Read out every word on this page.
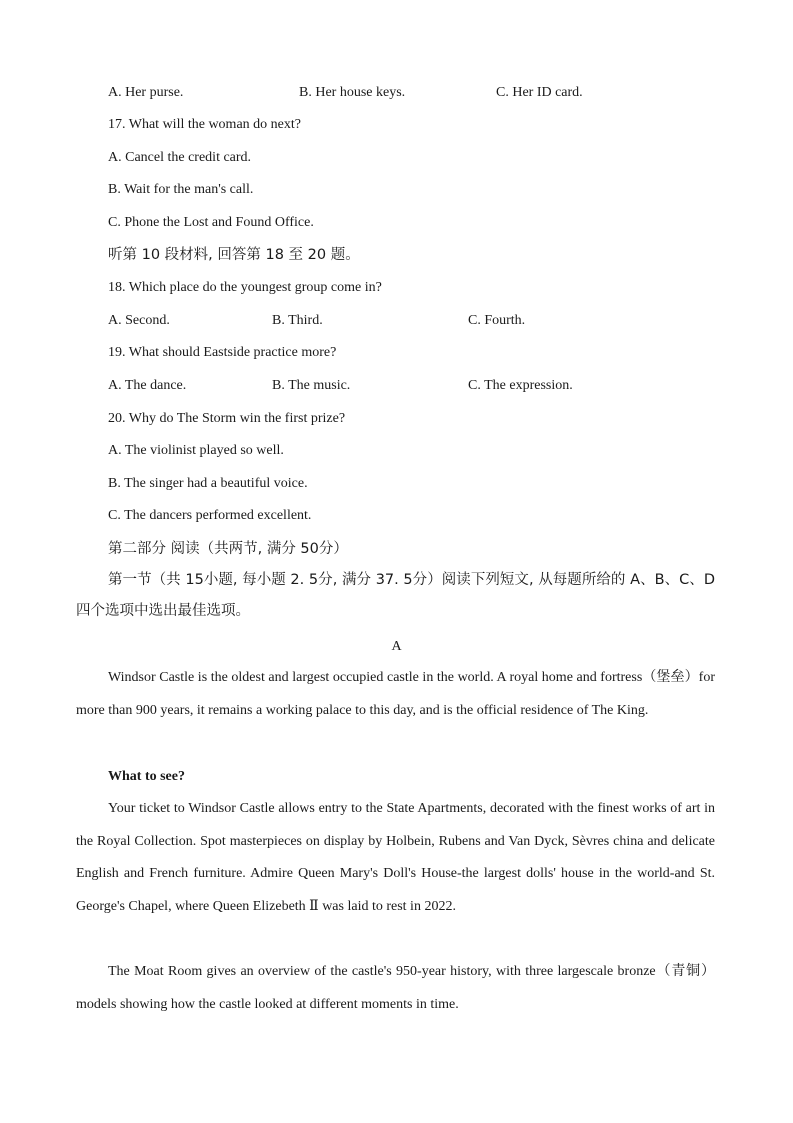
A. Her purse.	B. Her house keys.	C. Her ID card.
17. What will the woman do next?
A. Cancel the credit card.
B. Wait for the man's call.
C. Phone the Lost and Found Office.
听第 10 段材料, 回答第 18 至 20 题。
18. Which place do the youngest group come in?
A. Second.	B. Third.	C. Fourth.
19. What should Eastside practice more?
A. The dance.	B. The music.	C. The expression.
20. Why do The Storm win the first prize?
A. The violinist played so well.
B. The singer had a beautiful voice.
C. The dancers performed excellent.
第二部分 阅读（共两节, 满分 50分）
第一节（共 15小题, 每小题 2. 5分, 满分 37. 5分）阅读下列短文, 从每题所给的 A、B、C、D 四个选项中选出最佳选项。
A
Windsor Castle is the oldest and largest occupied castle in the world. A royal home and fortress（堡垒）for more than 900 years, it remains a working palace to this day, and is the official residence of The King.
What to see?
Your ticket to Windsor Castle allows entry to the State Apartments, decorated with the finest works of art in the Royal Collection. Spot masterpieces on display by Holbein, Rubens and Van Dyck, Sèvres china and delicate English and French furniture. Admire Queen Mary's Doll's House-the largest dolls' house in the world-and St. George's Chapel, where Queen Elizebeth Ⅱ was laid to rest in 2022.
The Moat Room gives an overview of the castle's 950-year history, with three largescale bronze（青铜）models showing how the castle looked at different moments in time.
